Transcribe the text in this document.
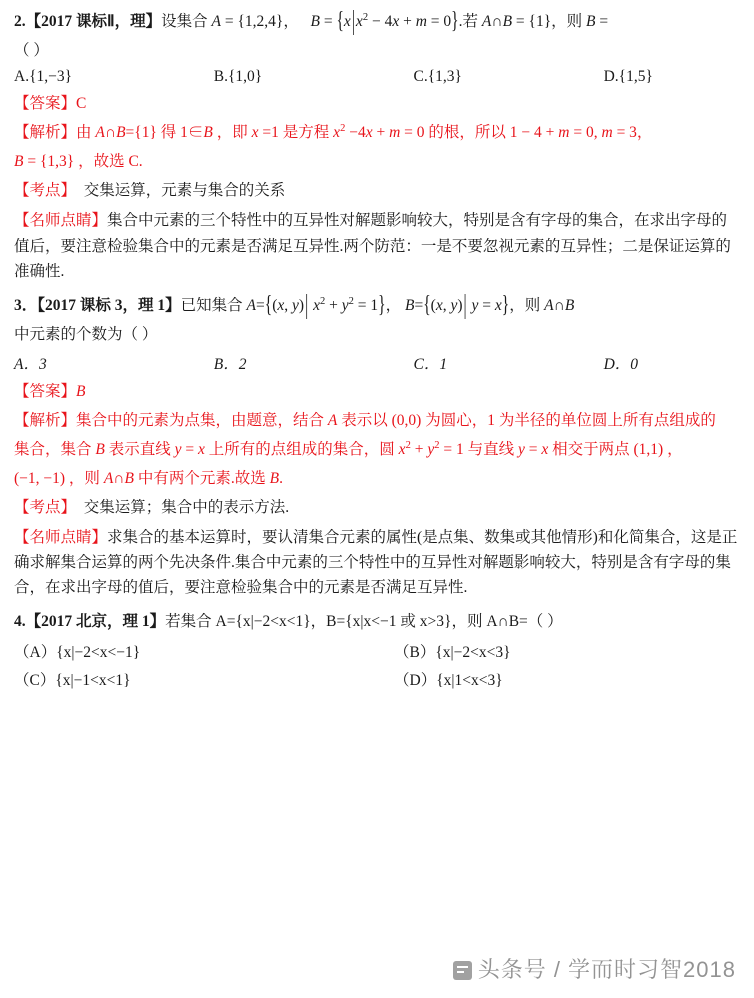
2.【2017 课标Ⅱ，理】设集合 A = {1,2,4}， $B = \{x|x^2 - 4x + m = 0\}$.若 A∩B = {1}，则 B =
（ ）
A.{1,−3}	B.{1,0}	C.{1,3}	D.{1,5}
【答案】C
【解析】由 A∩B={1} 得 1∈B ，即 x =1 是方程 $x^2 -4x + m = 0$ 的根，所以 1 − 4 + m = 0, m = 3，
B = {1,3} ，故选 C.
【考点】 交集运算，元素与集合的关系
【名师点睛】集合中元素的三个特性中的互异性对解题影响较大，特别是含有字母的集合，在求出字母的值后，要注意检验集合中的元素是否满足互异性.两个防范：一是不要忽视元素的互异性；二是保证运算的准确性.
3．【2017 课标 3，理 1】已知集合 A={(x, y)| $x^2 + y^2 = 1$}， B={(x, y)| y = x}，则 A∩B
中元素的个数为（ ）
A．3	B．2	C．1	D．0
【答案】B
【解析】集合中的元素为点集，由题意，结合 A 表示以 (0,0) 为圆心，1 为半径的单位圆上所有点组成的
集合，集合 B 表示直线 y = x 上所有的点组成的集合，圆 $x^2 + y^2 = 1$ 与直线 y = x 相交于两点 (1,1) ，
(−1, −1) ，则 A∩B 中有两个元素.故选 B.
【考点】 交集运算；集合中的表示方法.
【名师点睛】求集合的基本运算时，要认清集合元素的属性(是点集、数集或其他情形)和化简集合，这是正确求解集合运算的两个先决条件.集合中元素的三个特性中的互异性对解题影响较大，特别是含有字母的集合，在求出字母的值后，要注意检验集合中的元素是否满足互异性.
4.【2017 北京，理 1】若集合 A={x|−2<x<1}，B={x|x<−1 或 x>3}，则 A∩B=（ ）
（A）{x|−2<x<−1}	（B）{x|−2<x<3}
（C）{x|−1<x<1}	（D）{x|1<x<3}
头条号 / 学而时习智2018
